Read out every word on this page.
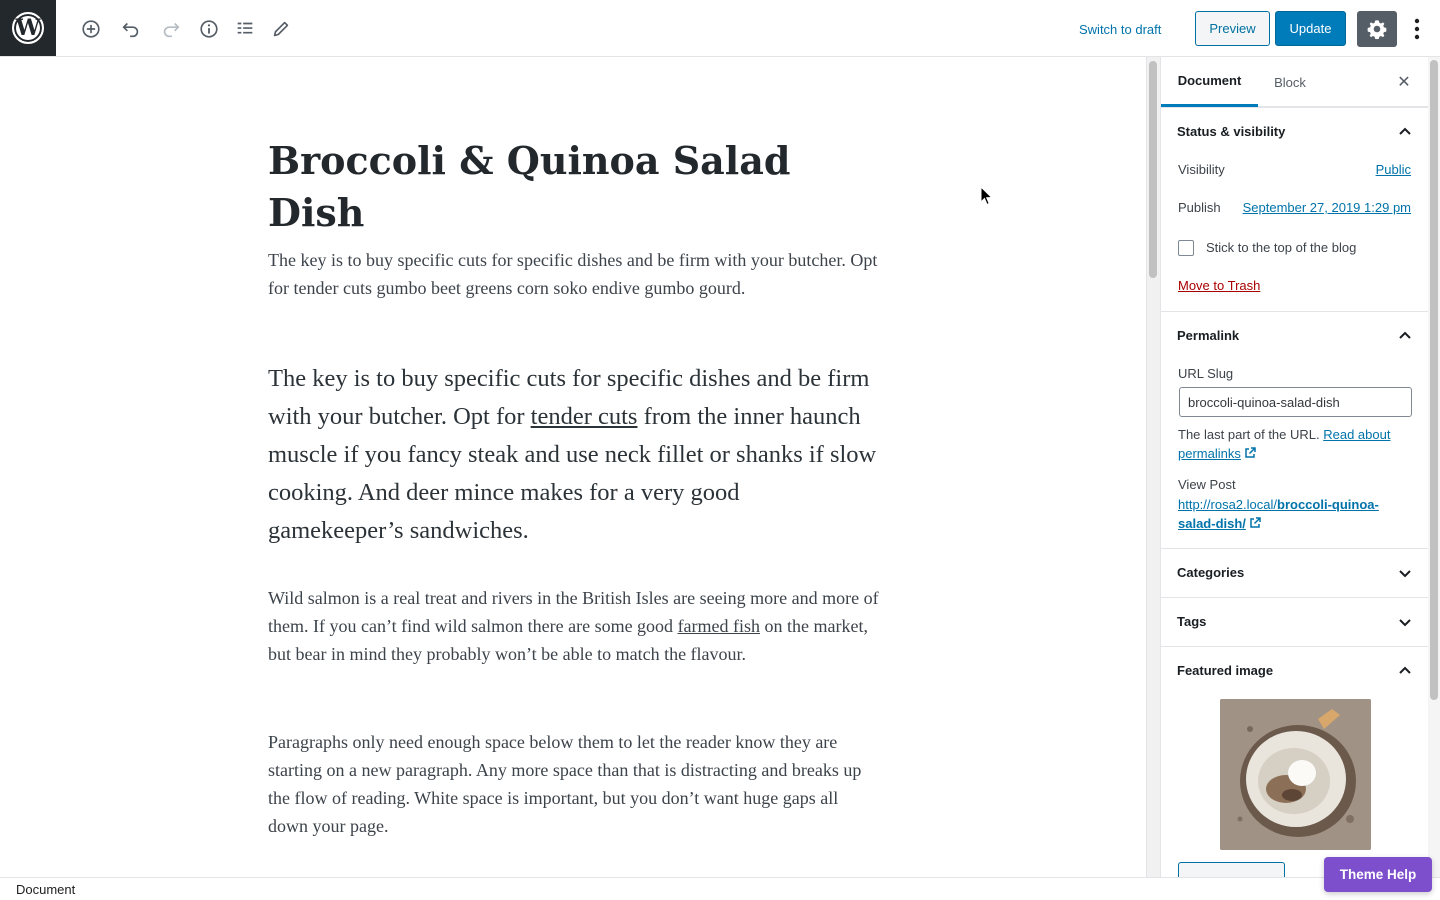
W	Switch to draft	Preview	Update
Broccoli & Quinoa Salad Dish

The key is to buy specific cuts for specific dishes and be firm with your butcher. Opt for tender cuts gumbo beet greens corn soko endive gumbo gourd.

The key is to buy specific cuts for specific dishes and be firm with your butcher. Opt for tender cuts from the inner haunch muscle if you fancy steak and use neck fillet or shanks if slow cooking. And deer mince makes for a very good gamekeeper’s sandwiches.

Wild salmon is a real treat and rivers in the British Isles are seeing more and more of them. If you can’t find wild salmon there are some good farmed fish on the market, but bear in mind they probably won’t be able to match the flavour.

Paragraphs only need enough space below them to let the reader know they are starting on a new paragraph. Any more space than that is distracting and breaks up the flow of reading. White space is important, but you don’t want huge gaps all down your page.

Document	Block	✕
Status & visibility
Visibility	Public
Publish September 27, 2019 1:29 pm
Stick to the top of the blog
Move to Trash
Permalink
URL Slug
broccoli-quinoa-salad-dish
The last part of the URL. Read about
permalinks
View Post
http://rosa2.local/broccoli-quinoa-
salad-dish/
Categories
Tags
Featured image
Document
Theme Help
